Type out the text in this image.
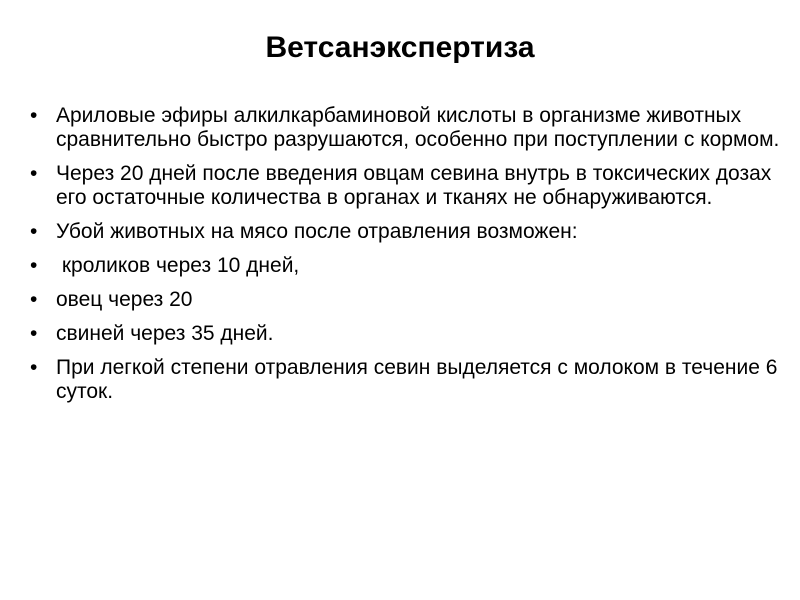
Ветсанэкспертиза
• Ариловые эфиры алкилкарбаминовой кислоты в организме животных сравнительно быстро разрушаются, особенно при поступлении с кормом.
• Через 20 дней после введения овцам севина внутрь в токсических дозах его остаточные количества в органах и тканях не обнаруживаются.
• Убой животных на мясо после отравления возможен:
• кроликов через 10 дней,
• овец через 20
• свиней через 35 дней.
• При легкой степени отравления севин выделяется с молоком в течение 6 суток.
